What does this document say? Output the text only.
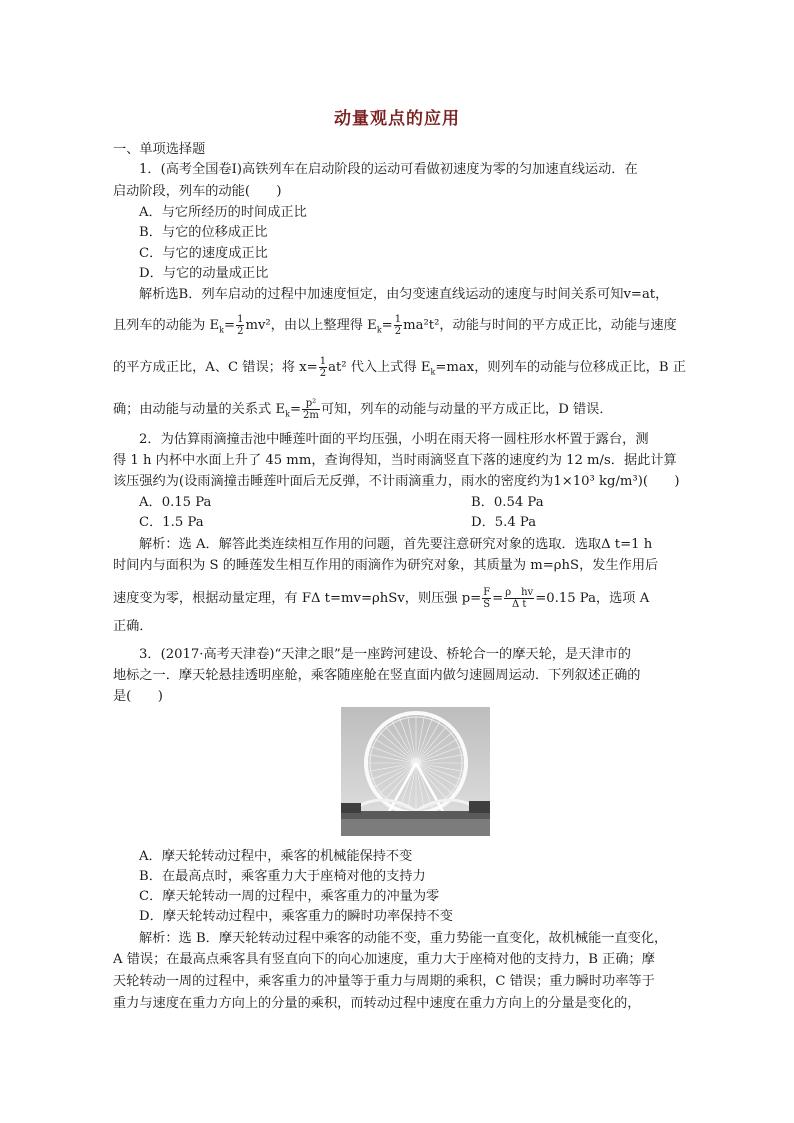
动量观点的应用
一、单项选择题
1．(高考全国卷Ⅰ)高铁列车在启动阶段的运动可看做初速度为零的匀加速直线运动．在
启动阶段，列车的动能(　　)
A．与它所经历的时间成正比
B．与它的位移成正比
C．与它的速度成正比
D．与它的动量成正比
解析选B．列车启动的过程中加速度恒定，由匀变速直线运动的速度与时间关系可知v=at，
且列车的动能为 $E_k= \frac{1}{2} mv^2$，由以上整理得 $E_k= \frac{1}{2} ma^2t^2$，动能与时间的平方成正比，动能与速度
的平方成正比，A、C 错误；将 $x= \frac{1}{2} at^2$ 代入上式得 $E_k=\max$，则列车的动能与位移成正比，B 正
确；由动能与动量的关系式 $E_k= \frac{\text{p²}}{2m}$ 可知，列车的动能与动量的平方成正比，D 错误．
2．为估算雨滴撞击池中睡莲叶面的平均压强，小明在雨天将一圆柱形水杯置于露台，测
得 1 h 内杯中水面上升了 45 mm，查询得知，当时雨滴竖直下落的速度约为 12 m/s．据此计算
该压强约为(设雨滴撞击睡莲叶面后无反弹，不计雨滴重力，雨水的密度约为1×10³ kg/m³)(　　)
A．0.15 Pa	B．0.54 Pa
C．1.5 Pa	D．5.4 Pa
解析：选 A．解答此类连续相互作用的问题，首先要注意研究对象的选取．选取Δ t=1 h
时间内与面积为 S 的睡莲发生相互作用的雨滴作为研究对象，其质量为 m=ρhS，发生作用后
速度变为零，根据动量定理，有 FΔ t=mv=ρhSv，则压强 $p= \frac{F}{S} = \frac{\text{ρ　hv}}{\text{Δ t}} =0.15$ Pa，选项 A
正确．
3．(2017·高考天津卷)“天津之眼”是一座跨河建设、桥轮合一的摩天轮，是天津市的
地标之一．摩天轮悬挂透明座舱，乘客随座舱在竖直面内做匀速圆周运动．下列叙述正确的
是(　　)
A．摩天轮转动过程中，乘客的机械能保持不变
B．在最高点时，乘客重力大于座椅对他的支持力
C．摩天轮转动一周的过程中，乘客重力的冲量为零
D．摩天轮转动过程中，乘客重力的瞬时功率保持不变
解析：选 B．摩天轮转动过程中乘客的动能不变，重力势能一直变化，故机械能一直变化，
A 错误；在最高点乘客具有竖直向下的向心加速度，重力大于座椅对他的支持力，B 正确；摩
天轮转动一周的过程中，乘客重力的冲量等于重力与周期的乘积，C 错误；重力瞬时功率等于
重力与速度在重力方向上的分量的乘积，而转动过程中速度在重力方向上的分量是变化的，
